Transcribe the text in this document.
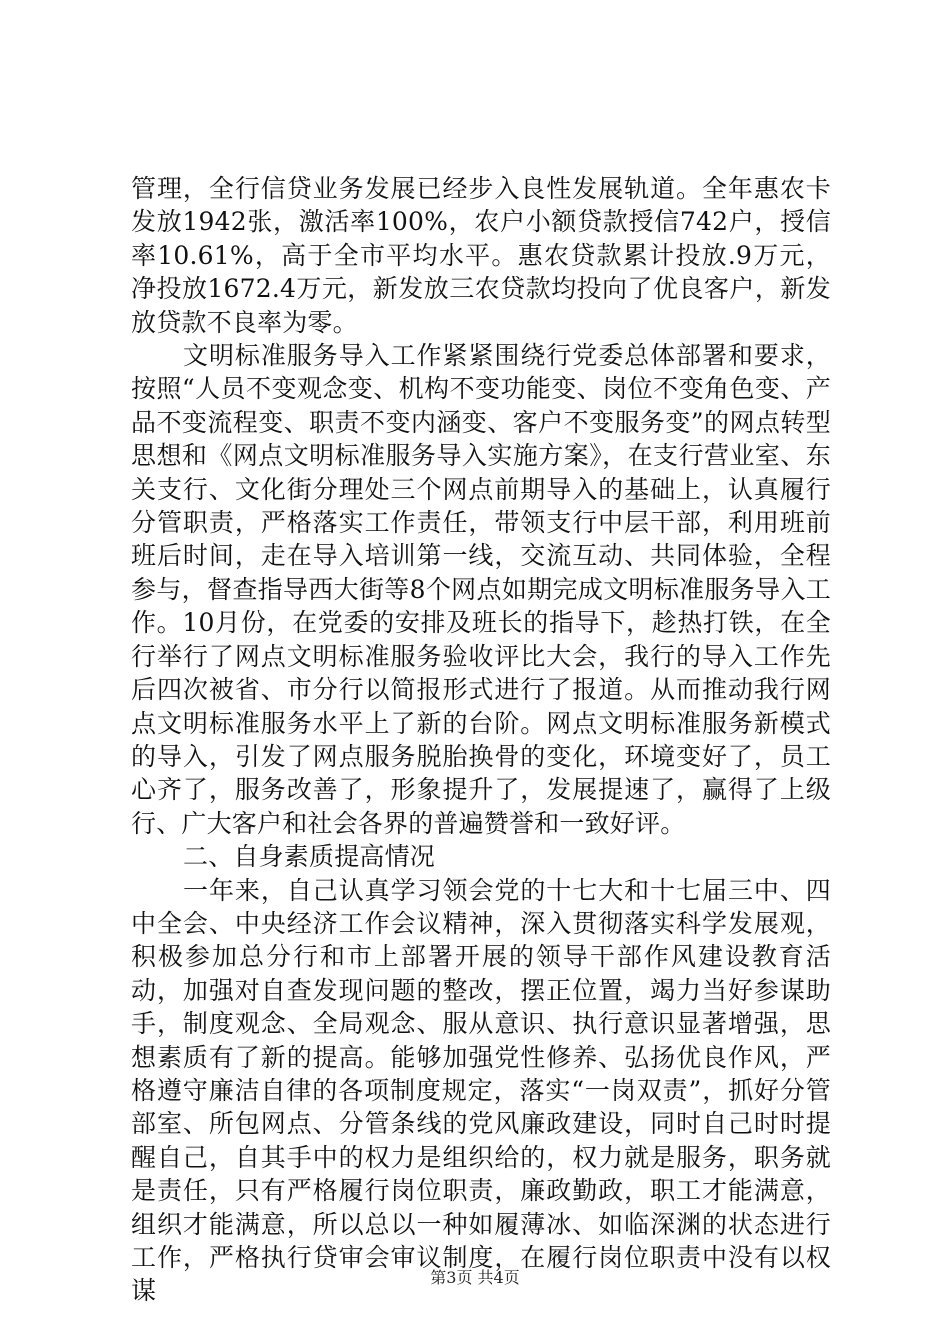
管理，全行信贷业务发展已经步入良性发展轨道。全年惠农卡发放1942张，激活率100%，农户小额贷款授信742户，授信率10.61%，高于全市平均水平。惠农贷款累计投放.9万元，净投放1672.4万元，新发放三农贷款均投向了优良客户，新发放贷款不良率为零。

文明标准服务导入工作紧紧围绕行党委总体部署和要求，按照“人员不变观念变、机构不变功能变、岗位不变角色变、产品不变流程变、职责不变内涵变、客户不变服务变”的网点转型思想和《网点文明标准服务导入实施方案》，在支行营业室、东关支行、文化街分理处三个网点前期导入的基础上，认真履行分管职责，严格落实工作责任，带领支行中层干部，利用班前班后时间，走在导入培训第一线，交流互动、共同体验，全程参与，督查指导西大街等8个网点如期完成文明标准服务导入工作。10月份，在党委的安排及班长的指导下，趁热打铁，在全行举行了网点文明标准服务验收评比大会，我行的导入工作先后四次被省、市分行以简报形式进行了报道。从而推动我行网点文明标准服务水平上了新的台阶。网点文明标准服务新模式的导入，引发了网点服务脱胎换骨的变化，环境变好了，员工心齐了，服务改善了，形象提升了，发展提速了，赢得了上级行、广大客户和社会各界的普遍赞誉和一致好评。

二、自身素质提高情况

一年来，自己认真学习领会党的十七大和十七届三中、四中全会、中央经济工作会议精神，深入贯彻落实科学发展观，积极参加总分行和市上部署开展的领导干部作风建设教育活动，加强对自查发现问题的整改，摆正位置，竭力当好参谋助手，制度观念、全局观念、服从意识、执行意识显著增强，思想素质有了新的提高。能够加强党性修养、弘扬优良作风，严格遵守廉洁自律的各项制度规定，落实“一岗双责”，抓好分管部室、所包网点、分管条线的党风廉政建设，同时自己时时提醒自己，自其手中的权力是组织给的，权力就是服务，职务就是责任，只有严格履行岗位职责，廉政勤政，职工才能满意，组织才能满意，所以总以一种如履薄冰、如临深渊的状态进行工作，严格执行贷审会审议制度，在履行岗位职责中没有以权谋	第3页 共4页
